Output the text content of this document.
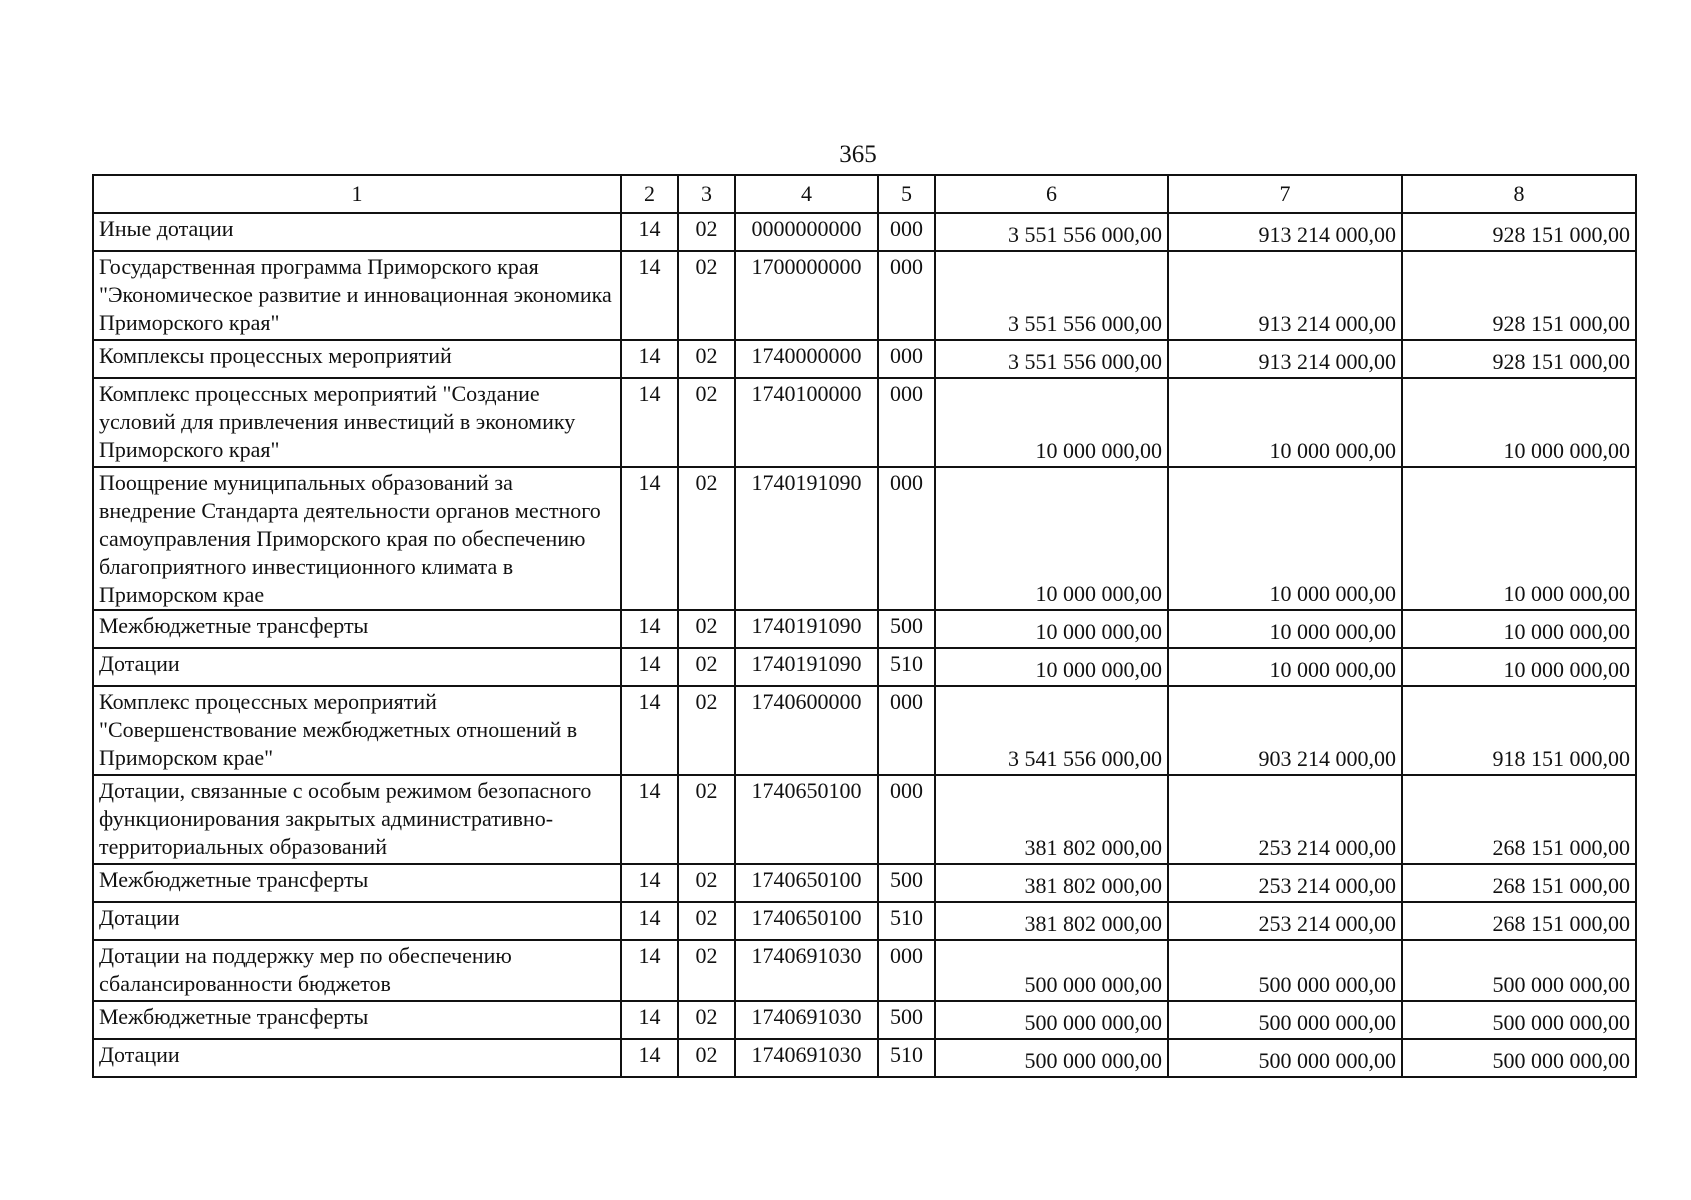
365
1	2	3	4	5	6	7	8
Иные дотации	14	02	0000000000	000	3 551 556 000,00	913 214 000,00	928 151 000,00
Государственная программа Приморского края "Экономическое развитие и инновационная экономика Приморского края"	14	02	1700000000	000	3 551 556 000,00	913 214 000,00	928 151 000,00
Комплексы процессных мероприятий	14	02	1740000000	000	3 551 556 000,00	913 214 000,00	928 151 000,00
Комплекс процессных мероприятий "Создание условий для привлечения инвестиций в экономику Приморского края"	14	02	1740100000	000	10 000 000,00	10 000 000,00	10 000 000,00
Поощрение муниципальных образований за внедрение Стандарта деятельности органов местного самоуправления Приморского края по обеспечению благоприятного инвестиционного климата в Приморском крае	14	02	1740191090	000	10 000 000,00	10 000 000,00	10 000 000,00
Межбюджетные трансферты	14	02	1740191090	500	10 000 000,00	10 000 000,00	10 000 000,00
Дотации	14	02	1740191090	510	10 000 000,00	10 000 000,00	10 000 000,00
Комплекс процессных мероприятий "Совершенствование межбюджетных отношений в Приморском крае"	14	02	1740600000	000	3 541 556 000,00	903 214 000,00	918 151 000,00
Дотации, связанные с особым режимом безопасного функционирования закрытых административно-территориальных образований	14	02	1740650100	000	381 802 000,00	253 214 000,00	268 151 000,00
Межбюджетные трансферты	14	02	1740650100	500	381 802 000,00	253 214 000,00	268 151 000,00
Дотации	14	02	1740650100	510	381 802 000,00	253 214 000,00	268 151 000,00
Дотации на поддержку мер по обеспечению сбалансированности бюджетов	14	02	1740691030	000	500 000 000,00	500 000 000,00	500 000 000,00
Межбюджетные трансферты	14	02	1740691030	500	500 000 000,00	500 000 000,00	500 000 000,00
Дотации	14	02	1740691030	510	500 000 000,00	500 000 000,00	500 000 000,00
